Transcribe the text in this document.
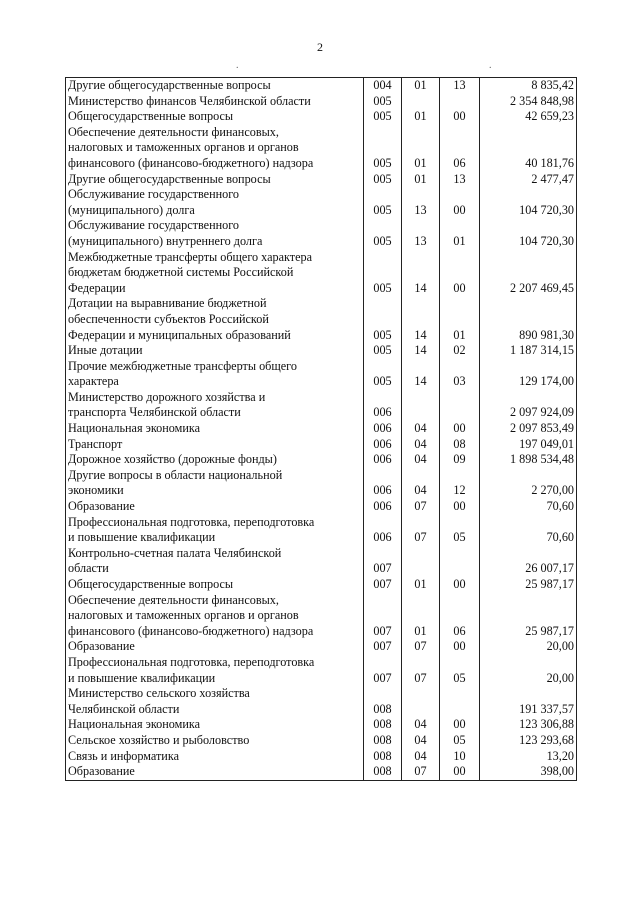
2
.	.
Другие общегосударственные вопросы	004	01	13	8 835,42
Министерство финансов Челябинской области	005			2 354 848,98
Общегосударственные вопросы	005	01	00	42 659,23
Обеспечение деятельности финансовых,
налоговых и таможенных органов и органов
финансового (финансово-бюджетного) надзора	005	01	06	40 181,76
Другие общегосударственные вопросы	005	01	13	2 477,47
Обслуживание государственного
(муниципального) долга	005	13	00	104 720,30
Обслуживание государственного
(муниципального) внутреннего долга	005	13	01	104 720,30
Межбюджетные трансферты общего характера
бюджетам бюджетной системы Российской
Федерации	005	14	00	2 207 469,45
Дотации на выравнивание бюджетной
обеспеченности субъектов Российской
Федерации и муниципальных образований	005	14	01	890 981,30
Иные дотации	005	14	02	1 187 314,15
Прочие межбюджетные трансферты общего
характера	005	14	03	129 174,00
Министерство дорожного хозяйства и
транспорта Челябинской области	006			2 097 924,09
Национальная экономика	006	04	00	2 097 853,49
Транспорт	006	04	08	197 049,01
Дорожное хозяйство (дорожные фонды)	006	04	09	1 898 534,48
Другие вопросы в области национальной
экономики	006	04	12	2 270,00
Образование	006	07	00	70,60
Профессиональная подготовка, переподготовка
и повышение квалификации	006	07	05	70,60
Контрольно-счетная палата Челябинской
области	007			26 007,17
Общегосударственные вопросы	007	01	00	25 987,17
Обеспечение деятельности финансовых,
налоговых и таможенных органов и органов
финансового (финансово-бюджетного) надзора	007	01	06	25 987,17
Образование	007	07	00	20,00
Профессиональная подготовка, переподготовка
и повышение квалификации	007	07	05	20,00
Министерство сельского хозяйства
Челябинской области	008			191 337,57
Национальная экономика	008	04	00	123 306,88
Сельское хозяйство и рыболовство	008	04	05	123 293,68
Связь и информатика	008	04	10	13,20
Образование	008	07	00	398,00
